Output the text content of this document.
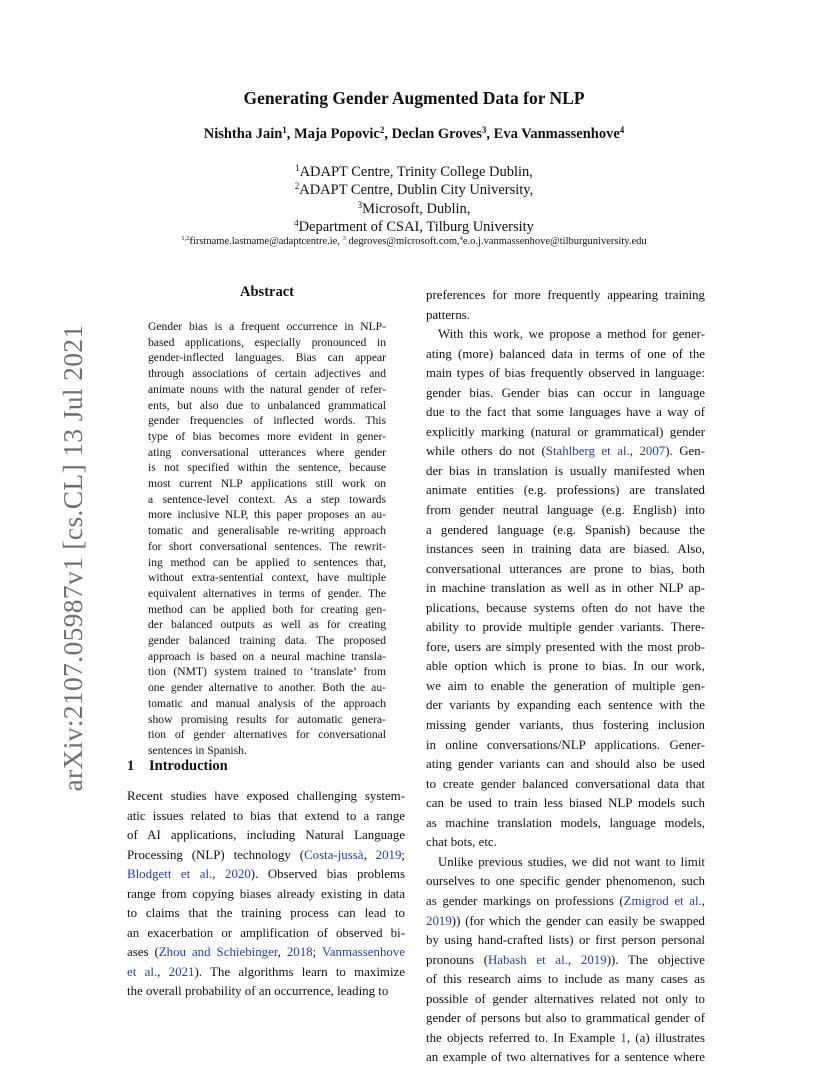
arXiv:2107.05987v1 [cs.CL] 13 Jul 2021
Generating Gender Augmented Data for NLP
Nishtha Jain$^1$, Maja Popovic$^2$, Declan Groves$^3$, Eva Vanmassenhove$^4$
$^1$ADAPT Centre, Trinity College Dublin,
$^2$ADAPT Centre, Dublin City University,
$^3$Microsoft, Dublin,
$^4$Department of CSAI, Tilburg University
$^{1,2}$firstname.lastname@adaptcentre.ie, $^3$ degroves@microsoft.com,$^4$e.o.j.vanmassenhove@tilburguniversity.edu
Abstract
Gender bias is a frequent occurrence in NLP-
based applications, especially pronounced in
gender-inflected languages. Bias can appear
through associations of certain adjectives and
animate nouns with the natural gender of refer-
ents, but also due to unbalanced grammatical
gender frequencies of inflected words. This
type of bias becomes more evident in gener-
ating conversational utterances where gender
is not specified within the sentence, because
most current NLP applications still work on
a sentence-level context. As a step towards
more inclusive NLP, this paper proposes an au-
tomatic and generalisable re-writing approach
for short conversational sentences. The rewrit-
ing method can be applied to sentences that,
without extra-sentential context, have multiple
equivalent alternatives in terms of gender. The
method can be applied both for creating gen-
der balanced outputs as well as for creating
gender balanced training data. The proposed
approach is based on a neural machine transla-
tion (NMT) system trained to ‘translate’ from
one gender alternative to another. Both the au-
tomatic and manual analysis of the approach
show promising results for automatic genera-
tion of gender alternatives for conversational
sentences in Spanish.
1 Introduction
Recent studies have exposed challenging system-
atic issues related to bias that extend to a range
of AI applications, including Natural Language
Processing (NLP) technology (Costa-jussà, 2019;
Blodgett et al., 2020). Observed bias problems
range from copying biases already existing in data
to claims that the training process can lead to
an exacerbation or amplification of observed bi-
ases (Zhou and Schiebinger, 2018; Vanmassenhove
et al., 2021). The algorithms learn to maximize
the overall probability of an occurrence, leading to
preferences for more frequently appearing training
patterns.
With this work, we propose a method for gener-
ating (more) balanced data in terms of one of the
main types of bias frequently observed in language:
gender bias. Gender bias can occur in language
due to the fact that some languages have a way of
explicitly marking (natural or grammatical) gender
while others do not (Stahlberg et al., 2007). Gen-
der bias in translation is usually manifested when
animate entities (e.g. professions) are translated
from gender neutral language (e.g. English) into
a gendered language (e.g. Spanish) because the
instances seen in training data are biased. Also,
conversational utterances are prone to bias, both
in machine translation as well as in other NLP ap-
plications, because systems often do not have the
ability to provide multiple gender variants. There-
fore, users are simply presented with the most prob-
able option which is prone to bias. In our work,
we aim to enable the generation of multiple gen-
der variants by expanding each sentence with the
missing gender variants, thus fostering inclusion
in online conversations/NLP applications. Gener-
ating gender variants can and should also be used
to create gender balanced conversational data that
can be used to train less biased NLP models such
as machine translation models, language models,
chat bots, etc.
Unlike previous studies, we did not want to limit
ourselves to one specific gender phenomenon, such
as gender markings on professions (Zmigrod et al.,
2019)) (for which the gender can easily be swapped
by using hand-crafted lists) or first person personal
pronouns (Habash et al., 2019)). The objective
of this research aims to include as many cases as
possible of gender alternatives related not only to
gender of persons but also to grammatical gender of
the objects referred to. In Example 1, (a) illustrates
an example of two alternatives for a sentence where
